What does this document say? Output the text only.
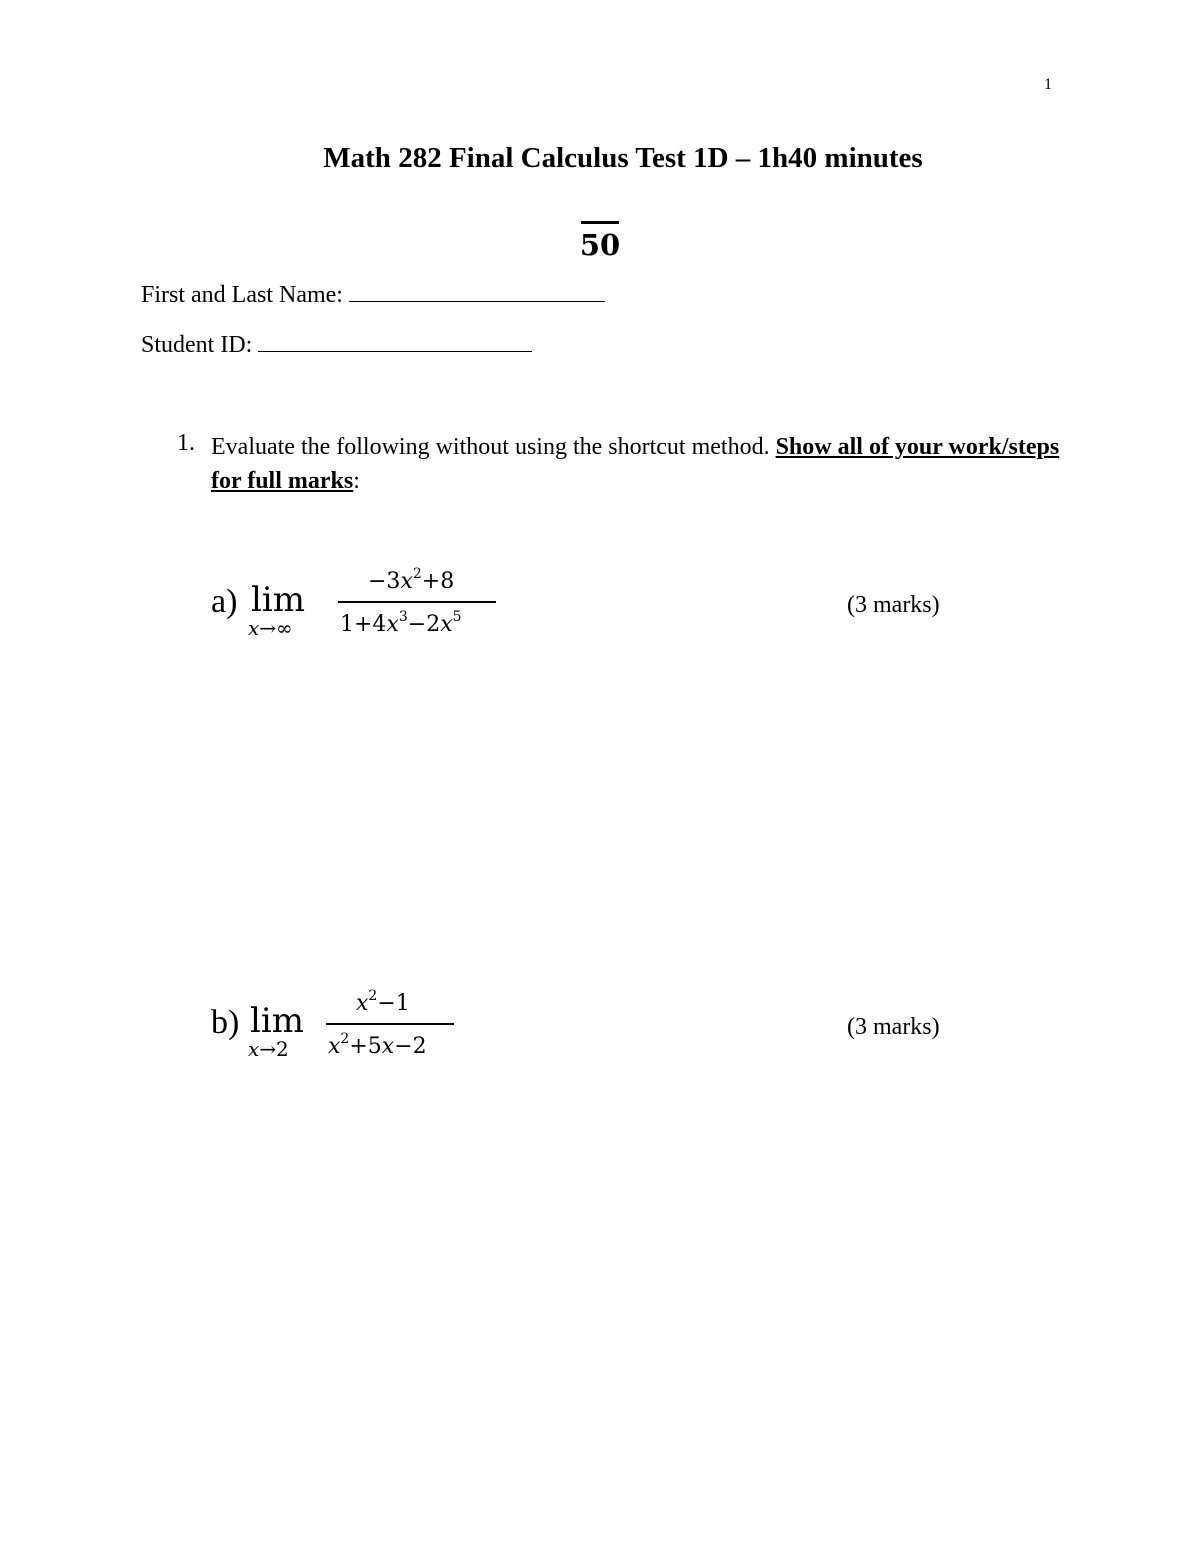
1
Math 282 Final Calculus Test 1D – 1h40 minutes
50
First and Last Name:
Student ID:
1. Evaluate the following without using the shortcut method. Show all of your work/steps for full marks:
a) lim
x→∞
$-3x^2+8$
$1+4x^3-2x^5$	(3 marks)
b) lim
x→2
$x^2-1$
$x^2+5x-2$
(3 marks)
